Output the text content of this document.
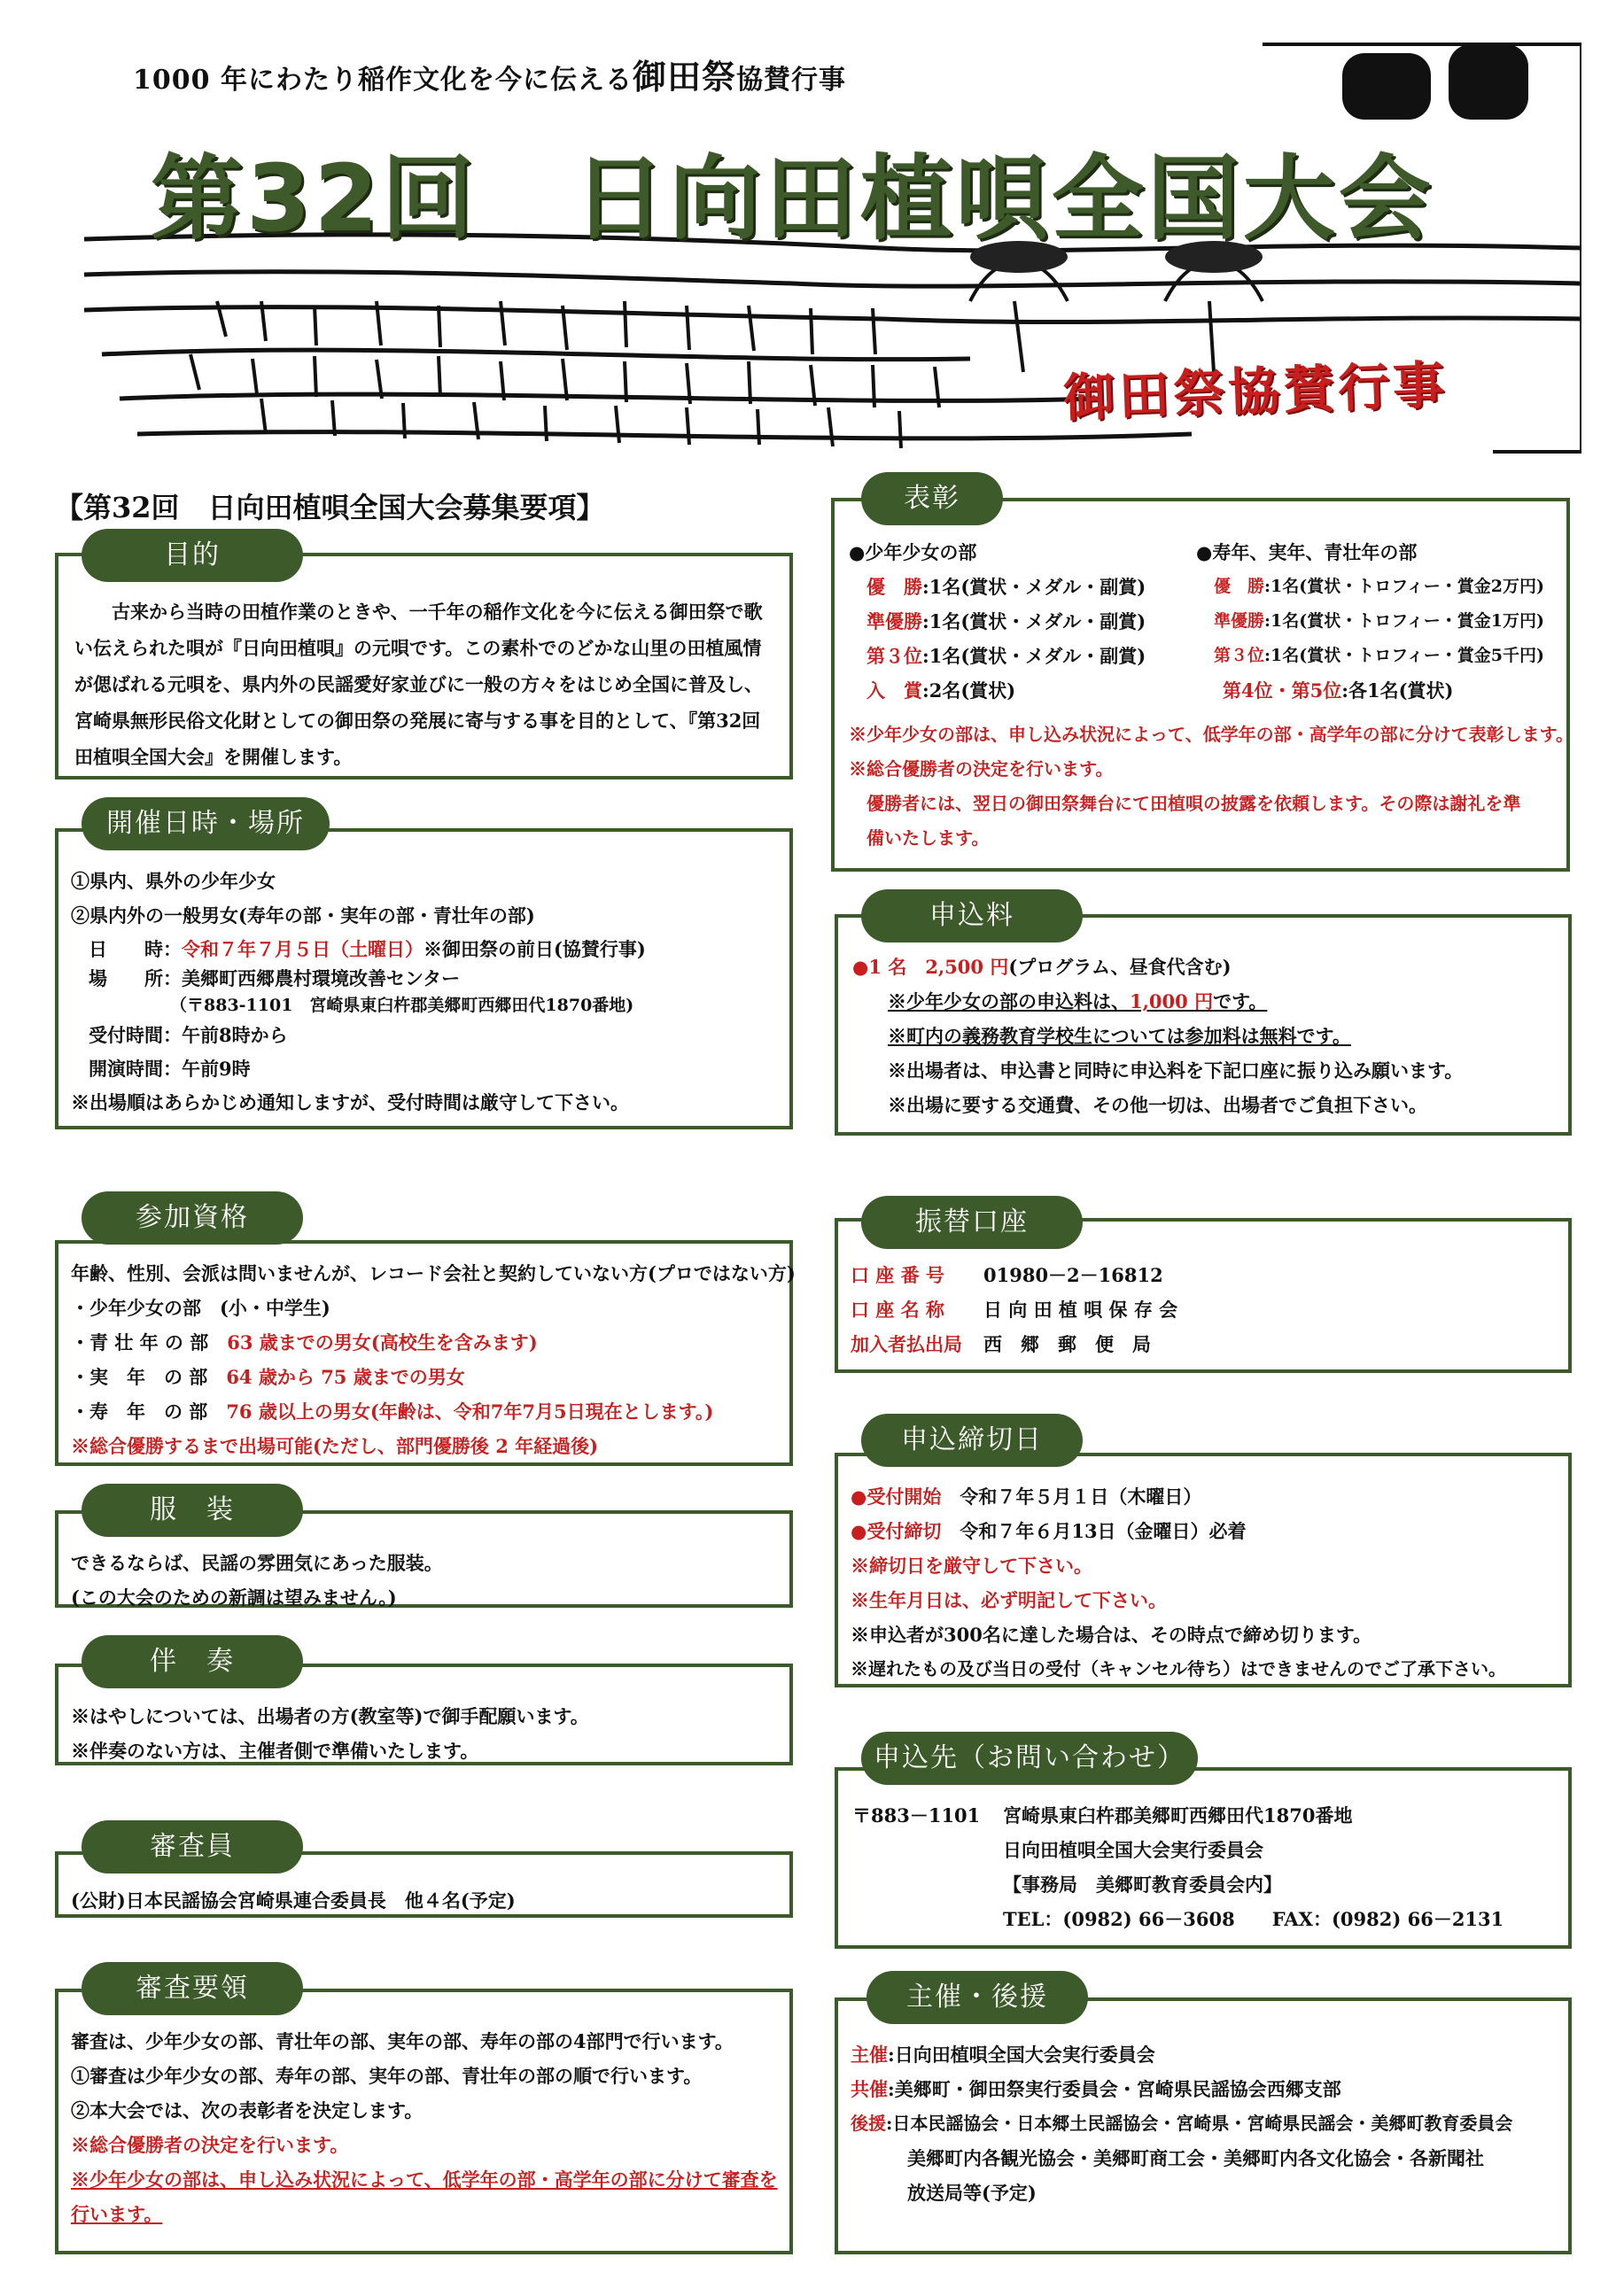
1000 年にわたり稲作文化を今に伝える御田祭協賛行事
第32回　日向田植唄全国大会
御田祭協賛行事
【第32回　日向田植唄全国大会募集要項】
目的
古来から当時の田植作業のときや、一千年の稲作文化を今に伝える御田祭で歌い伝えられた唄が『日向田植唄』の元唄です。この素朴でのどかな山里の田植風情が偲ばれる元唄を、県内外の民謡愛好家並びに一般の方々をはじめ全国に普及し、宮崎県無形民俗文化財としての御田祭の発展に寄与する事を目的として、『第32回田植唄全国大会』を開催します。
開催日時・場所
①県内、県外の少年少女
②県内外の一般男女(寿年の部・実年の部・青壮年の部)
日　　時：令和７年７月５日（土曜日）※御田祭の前日(協賛行事)
場　　所：美郷町西郷農村環境改善センター
（〒883-1101　宮崎県東臼杵郡美郷町西郷田代1870番地)
受付時間：午前8時から
開演時間：午前9時
※出場順はあらかじめ通知しますが、受付時間は厳守して下さい。
参加資格
年齢、性別、会派は問いませんが、レコード会社と契約していない方(プロではない方)
・少年少女の部　(小・中学生)
・青 壮 年 の 部　 63 歳までの男女(高校生を含みます)
・実　年　の 部　 64 歳から 75 歳までの男女
・寿　年　の 部　 76 歳以上の男女(年齢は、令和7年7月5日現在とします。)
※総合優勝するまで出場可能(ただし、部門優勝後 2 年経過後)
服　装
できるならば、民謡の雰囲気にあった服装。
(この大会のための新調は望みません。)
伴　奏
※はやしについては、出場者の方(教室等)で御手配願います。
※伴奏のない方は、主催者側で準備いたします。
審査員
(公財)日本民謡協会宮崎県連合委員長　他４名(予定)
審査要領
審査は、少年少女の部、青壮年の部、実年の部、寿年の部の4部門で行います。
①審査は少年少女の部、寿年の部、実年の部、青壮年の部の順で行います。
②本大会では、次の表彰者を決定します。
※総合優勝者の決定を行います。
※少年少女の部は、申し込み状況によって、低学年の部・高学年の部に分けて審査を
行います。
表彰
●少年少女の部
優　勝:1名(賞状・メダル・副賞)
準優勝:1名(賞状・メダル・副賞)
第３位:1名(賞状・メダル・副賞)
入　賞:2名(賞状)
●寿年、実年、青壮年の部
優　勝:1名(賞状・トロフィー・賞金2万円)
準優勝:1名(賞状・トロフィー・賞金1万円)
第３位:1名(賞状・トロフィー・賞金5千円)
第4位・第5位:各1名(賞状)
※少年少女の部は、申し込み状況によって、低学年の部・高学年の部に分けて表彰します。
※総合優勝者の決定を行います。
優勝者には、翌日の御田祭舞台にて田植唄の披露を依頼します。その際は謝礼を準
備いたします。
申込料
●1 名　2,500 円(プログラム、昼食代含む)
※少年少女の部の申込料は、1,000 円です。
※町内の義務教育学校生については参加料は無料です。
※出場者は、申込書と同時に申込料を下記口座に振り込み願います。
※出場に要する交通費、その他一切は、出場者でご負担下さい。
振替口座
口 座 番 号 01980－2－16812
口 座 名 称 日 向 田 植 唄 保 存 会
加入者払出局 西　郷　郵　便　局
申込締切日
●受付開始　 令和７年５月１日（木曜日）
●受付締切　 令和７年６月13日（金曜日）必着
※締切日を厳守して下さい。
※生年月日は、必ず明記して下さい。
※申込者が300名に達した場合は、その時点で締め切ります。
※遅れたもの及び当日の受付（キャンセル待ち）はできませんのでご了承下さい。
申込先（お問い合わせ）
〒883－1101 宮崎県東臼杵郡美郷町西郷田代1870番地
日向田植唄全国大会実行委員会
【事務局　美郷町教育委員会内】
TEL：(0982) 66－3608　　 FAX：(0982) 66－2131
主催・後援
主催:日向田植唄全国大会実行委員会
共催:美郷町・御田祭実行委員会・宮崎県民謡協会西郷支部
後援:日本民謡協会・日本郷土民謡協会・宮崎県・宮崎県民謡会・美郷町教育委員会
美郷町内各観光協会・美郷町商工会・美郷町内各文化協会・各新聞社
放送局等(予定)
